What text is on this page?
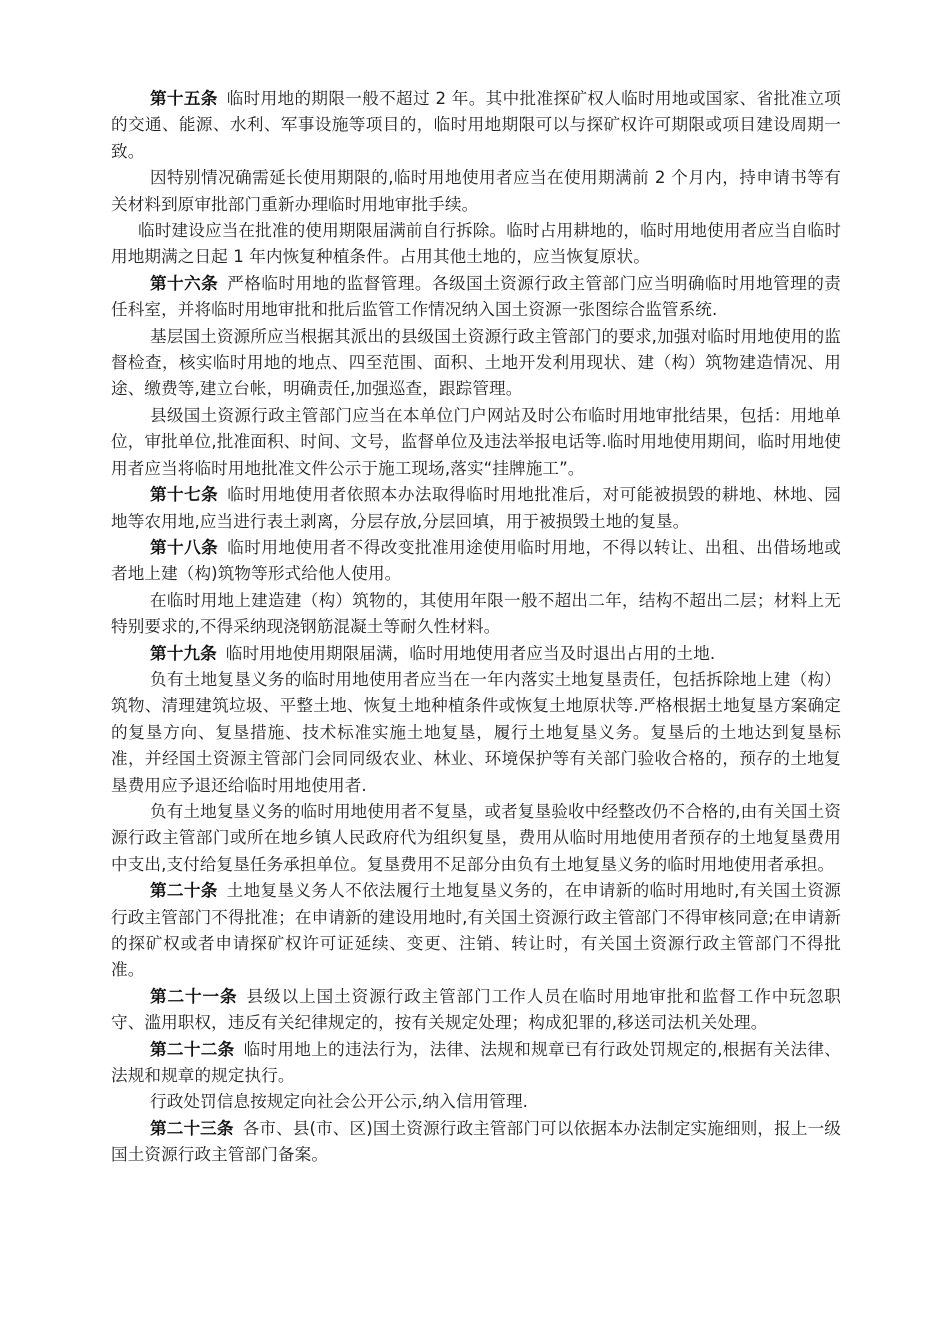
第十五条 临时用地的期限一般不超过 2 年。其中批准探矿权人临时用地或国家、省批准立项的交通、能源、水利、军事设施等项目的，临时用地期限可以与探矿权许可期限或项目建设周期一致。

因特别情况确需延长使用期限的,临时用地使用者应当在使用期满前 2 个月内，持申请书等有关材料到原审批部门重新办理临时用地审批手续。

临时建设应当在批准的使用期限届满前自行拆除。临时占用耕地的，临时用地使用者应当自临时用地期满之日起 1 年内恢复种植条件。占用其他土地的，应当恢复原状。

第十六条 严格临时用地的监督管理。各级国土资源行政主管部门应当明确临时用地管理的责任科室，并将临时用地审批和批后监管工作情况纳入国土资源一张图综合监管系统.

基层国土资源所应当根据其派出的县级国土资源行政主管部门的要求,加强对临时用地使用的监督检查，核实临时用地的地点、四至范围、面积、土地开发利用现状、建（构）筑物建造情况、用途、缴费等,建立台帐，明确责任,加强巡查，跟踪管理。

县级国土资源行政主管部门应当在本单位门户网站及时公布临时用地审批结果，包括：用地单位，审批单位,批准面积、时间、文号，监督单位及违法举报电话等.临时用地使用期间，临时用地使用者应当将临时用地批准文件公示于施工现场,落实“挂牌施工”。

第十七条 临时用地使用者依照本办法取得临时用地批准后，对可能被损毁的耕地、林地、园地等农用地,应当进行表土剥离，分层存放,分层回填，用于被损毁土地的复垦。

第十八条 临时用地使用者不得改变批准用途使用临时用地，不得以转让、出租、出借场地或者地上建（构)筑物等形式给他人使用。

在临时用地上建造建（构）筑物的，其使用年限一般不超出二年，结构不超出二层；材料上无特别要求的,不得采纳现浇钢筋混凝土等耐久性材料。

第十九条 临时用地使用期限届满，临时用地使用者应当及时退出占用的土地.

负有土地复垦义务的临时用地使用者应当在一年内落实土地复垦责任，包括拆除地上建（构）筑物、清理建筑垃圾、平整土地、恢复土地种植条件或恢复土地原状等.严格根据土地复垦方案确定的复垦方向、复垦措施、技术标准实施土地复垦，履行土地复垦义务。复垦后的土地达到复垦标准，并经国土资源主管部门会同同级农业、林业、环境保护等有关部门验收合格的，预存的土地复垦费用应予退还给临时用地使用者.

负有土地复垦义务的临时用地使用者不复垦，或者复垦验收中经整改仍不合格的,由有关国土资源行政主管部门或所在地乡镇人民政府代为组织复垦，费用从临时用地使用者预存的土地复垦费用中支出,支付给复垦任务承担单位。复垦费用不足部分由负有土地复垦义务的临时用地使用者承担。

第二十条 土地复垦义务人不依法履行土地复垦义务的，在申请新的临时用地时,有关国土资源行政主管部门不得批准；在申请新的建设用地时,有关国土资源行政主管部门不得审核同意;在申请新的探矿权或者申请探矿权许可证延续、变更、注销、转让时，有关国土资源行政主管部门不得批准。

第二十一条 县级以上国土资源行政主管部门工作人员在临时用地审批和监督工作中玩忽职守、滥用职权，违反有关纪律规定的，按有关规定处理；构成犯罪的,移送司法机关处理。

第二十二条 临时用地上的违法行为，法律、法规和规章已有行政处罚规定的,根据有关法律、法规和规章的规定执行。

行政处罚信息按规定向社会公开公示,纳入信用管理.

第二十三条 各市、县(市、区)国土资源行政主管部门可以依据本办法制定实施细则，报上一级国土资源行政主管部门备案。
